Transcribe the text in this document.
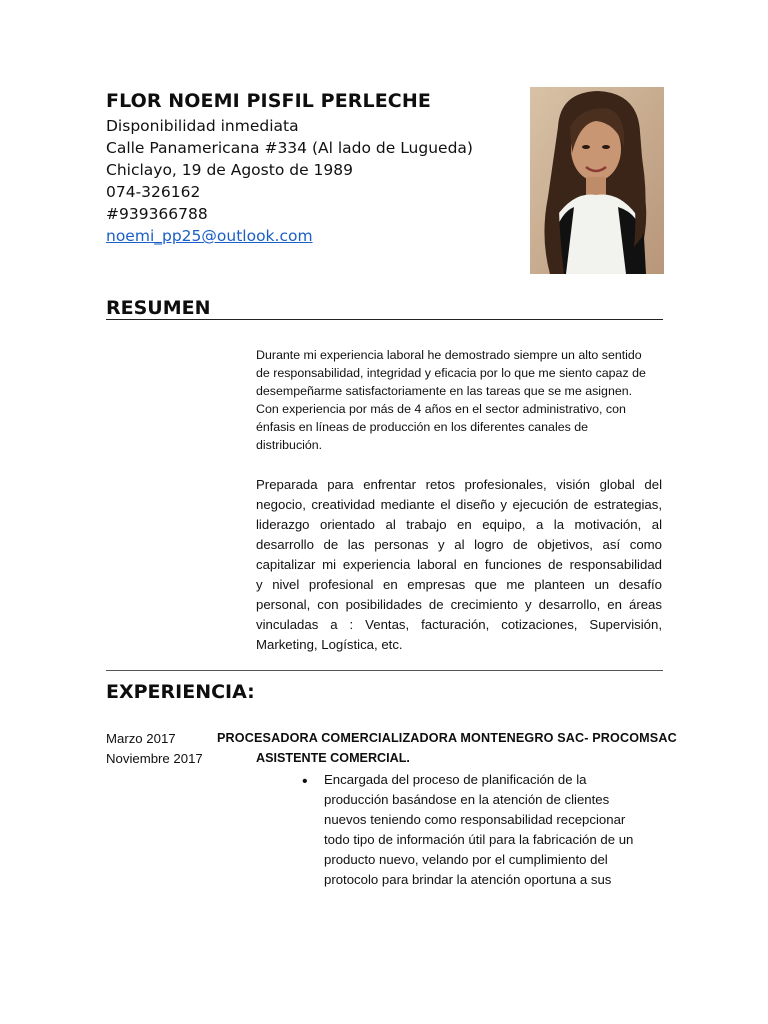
FLOR NOEMI PISFIL PERLECHE
Disponibilidad inmediata
Calle Panamericana #334 (Al lado de Lugueda)
Chiclayo, 19 de Agosto de 1989
074-326162
#939366788
noemi_pp25@outlook.com
RESUMEN
Durante mi experiencia laboral he demostrado siempre un alto sentido
de responsabilidad, integridad y eficacia por lo que me siento capaz de
desempeñarme satisfactoriamente en las tareas que se me asignen.
Con experiencia por más de 4 años en el sector administrativo, con
énfasis en líneas de producción en los diferentes canales de
distribución.
Preparada para enfrentar retos profesionales, visión global del
negocio, creatividad mediante el diseño y ejecución de estrategias,
liderazgo orientado al trabajo en equipo, a la motivación, al
desarrollo de las personas y al logro de objetivos, así como
capitalizar mi experiencia laboral en funciones de responsabilidad
y nivel profesional en empresas que me planteen un desafío
personal, con posibilidades de crecimiento y desarrollo, en áreas
vinculadas a : Ventas, facturación, cotizaciones, Supervisión,
Marketing, Logística, etc.
EXPERIENCIA:
Marzo 2017
Noviembre 2017
PROCESADORA COMERCIALIZADORA MONTENEGRO SAC- PROCOMSAC
ASISTENTE COMERCIAL.
• Encargada del proceso de planificación de la
producción basándose en la atención de clientes
nuevos teniendo como responsabilidad recepcionar
todo tipo de información útil para la fabricación de un
producto nuevo, velando por el cumplimiento del
protocolo para brindar la atención oportuna a sus
